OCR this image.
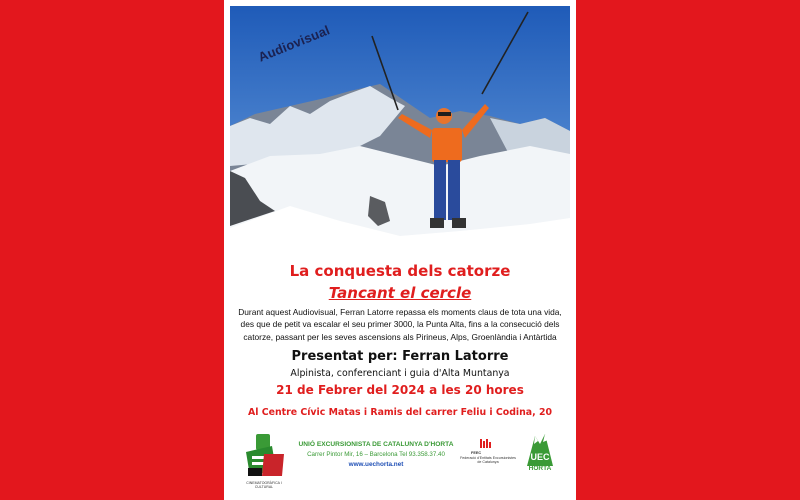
Audiovisual
La conquesta dels catorze
Tancant el cercle
Durant aquest Audiovisual, Ferran Latorre repassa els moments claus de tota una vida,
des que de petit va escalar el seu primer 3000, la Punta Alta, fins a la consecució dels
catorze, passant per les seves ascensions als Pirineus, Alps, Groenlàndia i Antàrtida
Presentat per: Ferran Latorre
Alpinista, conferenciant i guia d'Alta Muntanya
21 de Febrer del 2024 a les 20 hores
Al Centre Cívic Matas i Ramis del carrer Feliu i Codina, 20
CINEMATOGRÀFICA I CULTURAL
UNIÓ EXCURSIONISTA DE CATALUNYA D'HORTA
Carrer Pintor Mir, 16 – Barcelona Tel 93.358.37.40
www.uechorta.net
FEEC
Federació d'Entitats Excursionistes de Catalunya
UEC
HORTA
